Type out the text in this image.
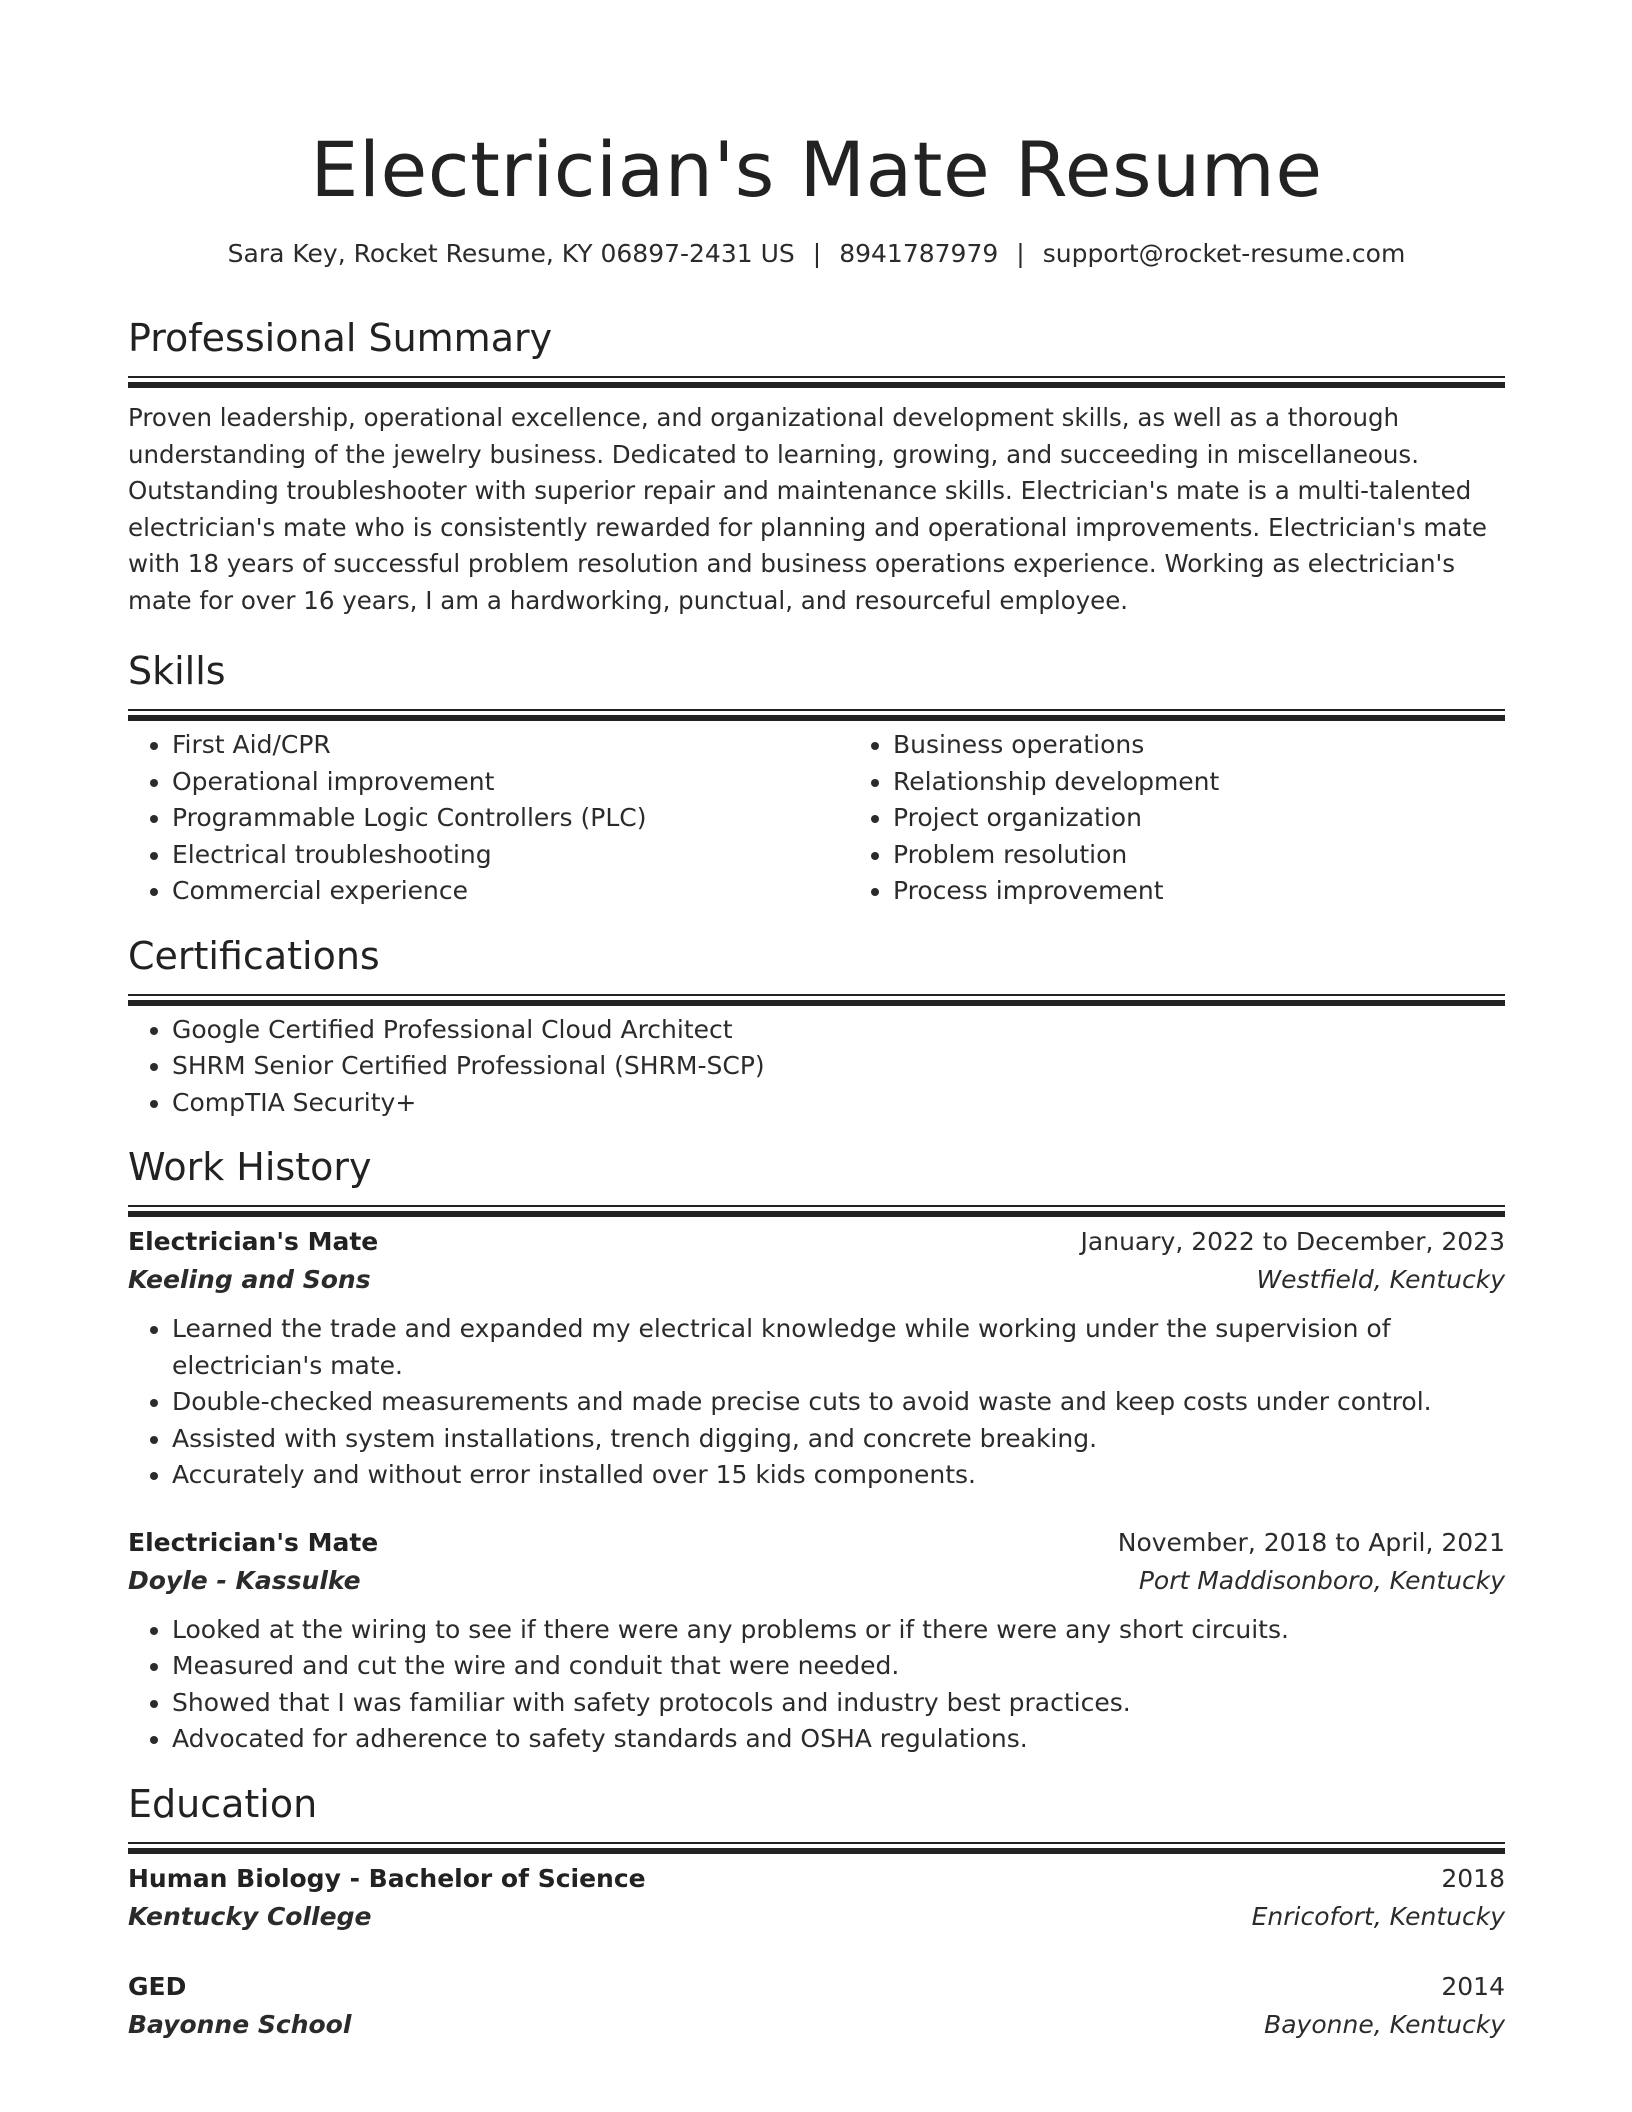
Electrician's Mate Resume
Sara Key, Rocket Resume, KY 06897-2431 US | 8941787979 | support@rocket-resume.com
Professional Summary

Proven leadership, operational excellence, and organizational development skills, as well as a thorough understanding of the jewelry business. Dedicated to learning, growing, and succeeding in miscellaneous. Outstanding troubleshooter with superior repair and maintenance skills. Electrician's mate is a multi-talented electrician's mate who is consistently rewarded for planning and operational improvements. Electrician's mate with 18 years of successful problem resolution and business operations experience. Working as electrician's mate for over 16 years, I am a hardworking, punctual, and resourceful employee.

Skills
• First Aid/CPR
• Operational improvement
• Programmable Logic Controllers (PLC)
• Electrical troubleshooting
• Commercial experience
• Business operations
• Relationship development
• Project organization
• Problem resolution
• Process improvement
Certifications
• Google Certified Professional Cloud Architect
• SHRM Senior Certified Professional (SHRM-SCP)
• CompTIA Security+
Work History
Electrician's Mate	January, 2022 to December, 2023
Keeling and Sons	Westfield, Kentucky
• Learned the trade and expanded my electrical knowledge while working under the supervision of electrician's mate.
• Double-checked measurements and made precise cuts to avoid waste and keep costs under control.
• Assisted with system installations, trench digging, and concrete breaking.
• Accurately and without error installed over 15 kids components.
Electrician's Mate	November, 2018 to April, 2021
Doyle - Kassulke	Port Maddisonboro, Kentucky
• Looked at the wiring to see if there were any problems or if there were any short circuits.
• Measured and cut the wire and conduit that were needed.
• Showed that I was familiar with safety protocols and industry best practices.
• Advocated for adherence to safety standards and OSHA regulations.
Education
Human Biology - Bachelor of Science	2018
Kentucky College	Enricofort, Kentucky
GED	2014
Bayonne School	Bayonne, Kentucky
